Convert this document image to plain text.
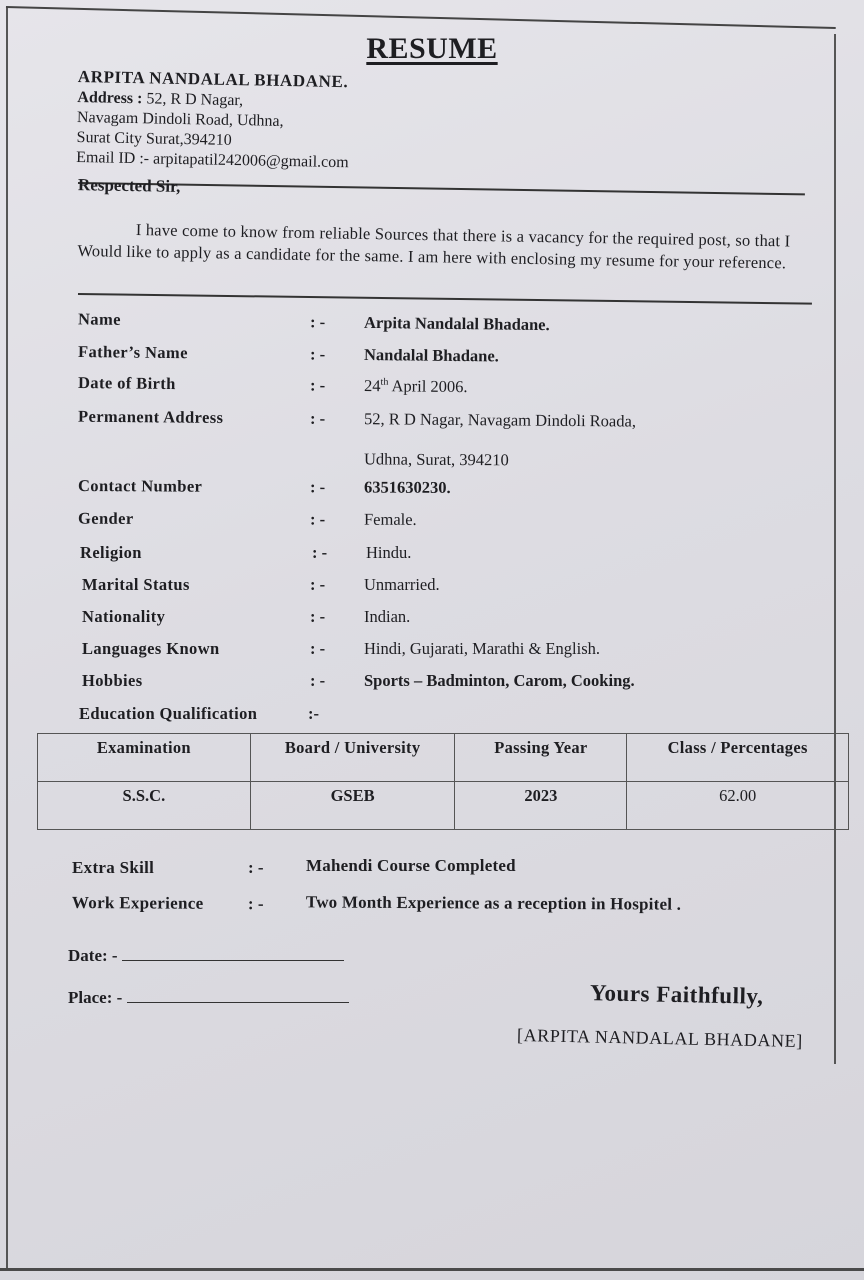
RESUME
ARPITA NANDALAL BHADANE.
Address : 52, R D Nagar,
Navagam Dindoli Road, Udhna,
Surat City Surat,394210
Email ID :- arpitapatil242006@gmail.com
Respected Sir,
I have come to know from reliable Sources that there is a vacancy for the required post, so that I Would like to apply as a candidate for the same. I am here with enclosing my resume for your reference.
Name	: - Arpita Nandalal Bhadane.
Father’s Name	: - Nandalal Bhadane.
Date of Birth	: - 24th April 2006.
Permanent Address	: - 52, R D Nagar, Navagam Dindoli Roada,
Udhna, Surat, 394210
Contact Number	: - 6351630230.
Gender	: - Female.
Religion	: - Hindu.
Marital Status	: - Unmarried.
Nationality	: - Indian.
Languages Known	: - Hindi, Gujarati, Marathi & English.
Hobbies	: - Sports – Badminton, Carom, Cooking.
Education Qualification	:-
Examination	Board / University	Passing Year	Class / Percentages
S.S.C.	GSEB	2023	62.00
Extra Skill	: - Mahendi Course Completed
Work Experience	: - Two Month Experience as a reception in Hospitel .
Date: -
Place: -	Yours Faithfully,
[ARPITA NANDALAL BHADANE]
